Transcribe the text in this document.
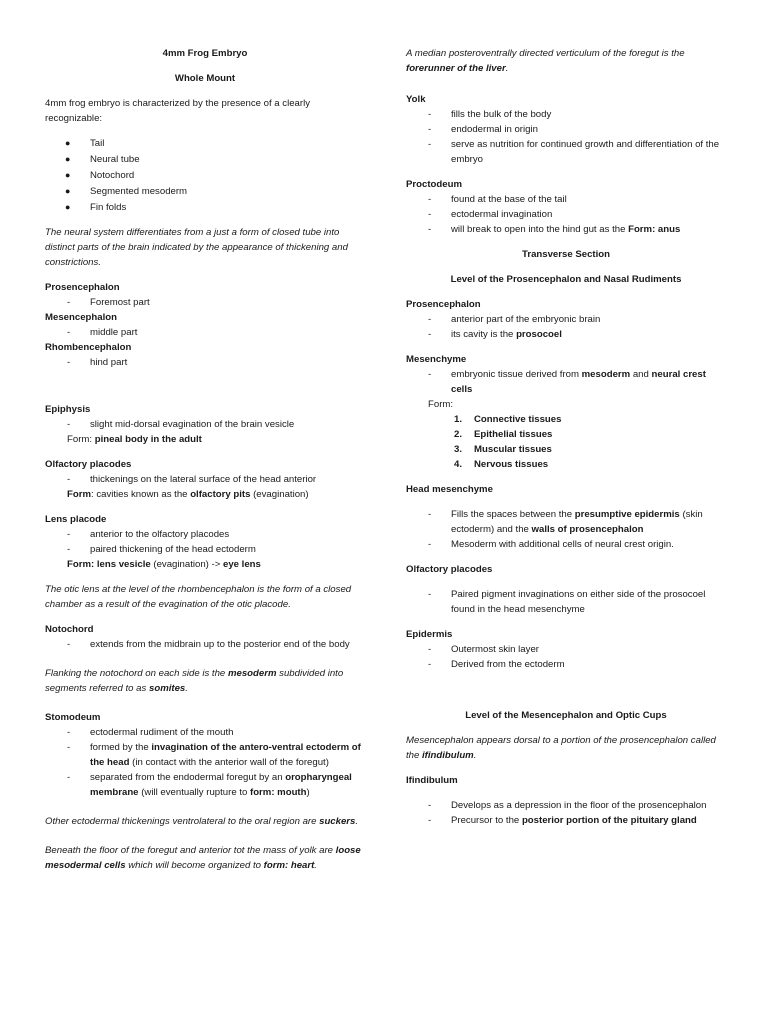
4mm Frog Embryo

Whole Mount

4mm frog embryo is characterized by the presence of a clearly recognizable:

●	Tail
●	Neural tube
●	Notochord
●	Segmented mesoderm
●	Fin folds

The neural system differentiates from a just a form of closed tube into distinct parts of the brain indicated by the appearance of thickening and constrictions.

Prosencephalon

-	Foremost part

Mesencephalon

-	middle part

Rhombencephalon

-	hind part

Epiphysis

-	slight mid-dorsal evagination of the brain vesicle

Form: pineal body in the adult

Olfactory placodes

-	thickenings on the lateral surface of the head anterior

Form: cavities known as the olfactory pits (evagination)

Lens placode

-	anterior to the olfactory placodes
-	paired thickening of the head ectoderm

Form: lens vesicle (evagination) -> eye lens

The otic lens at the level of the rhombencephalon is the form of a closed chamber as a result of the evagination of the otic placode.

Notochord

-	extends from the midbrain up to the posterior end of the body

Flanking the notochord on each side is the mesoderm subdivided into segments referred to as somites.

Stomodeum

-	ectodermal rudiment of the mouth
-	formed by the invagination of the antero-ventral ectoderm of the head (in contact with the anterior wall of the foregut)
-	separated from the endodermal foregut by an oropharyngeal membrane (will eventually rupture to form: mouth)

Other ectodermal thickenings ventrolateral to the oral region are suckers.

Beneath the floor of the foregut and anterior tot the mass of yolk are loose mesodermal cells which will become organized to form: heart.

A median posteroventrally directed verticulum of the foregut is the forerunner of the liver.

Yolk

-	fills the bulk of the body
-	endodermal in origin
-	serve as nutrition for continued growth and differentiation of the embryo

Proctodeum

-	found at the base of the tail
-	ectodermal invagination
-	will break to open into the hind gut as the Form: anus

Transverse Section

Level of the Prosencephalon and Nasal Rudiments

Prosencephalon

-	anterior part of the embryonic brain
-	its cavity is the prosocoel

Mesenchyme

-	embryonic tissue derived from mesoderm and neural crest cells

Form:

1.	Connective tissues
2.	Epithelial tissues
3.	Muscular tissues
4.	Nervous tissues

Head mesenchyme

-	Fills the spaces between the presumptive epidermis (skin ectoderm) and the walls of prosencephalon
-	Mesoderm with additional cells of neural crest origin.

Olfactory placodes

-	Paired pigment invaginations on either side of the prosocoel found in the head mesenchyme

Epidermis

-	Outermost skin layer
-	Derived from the ectoderm

Level of the Mesencephalon and Optic Cups

Mesencephalon appears dorsal to a portion of the prosencephalon called the ifindibulum.

Ifindibulum

-	Develops as a depression in the floor of the prosencephalon
-	Precursor to the posterior portion of the pituitary gland
